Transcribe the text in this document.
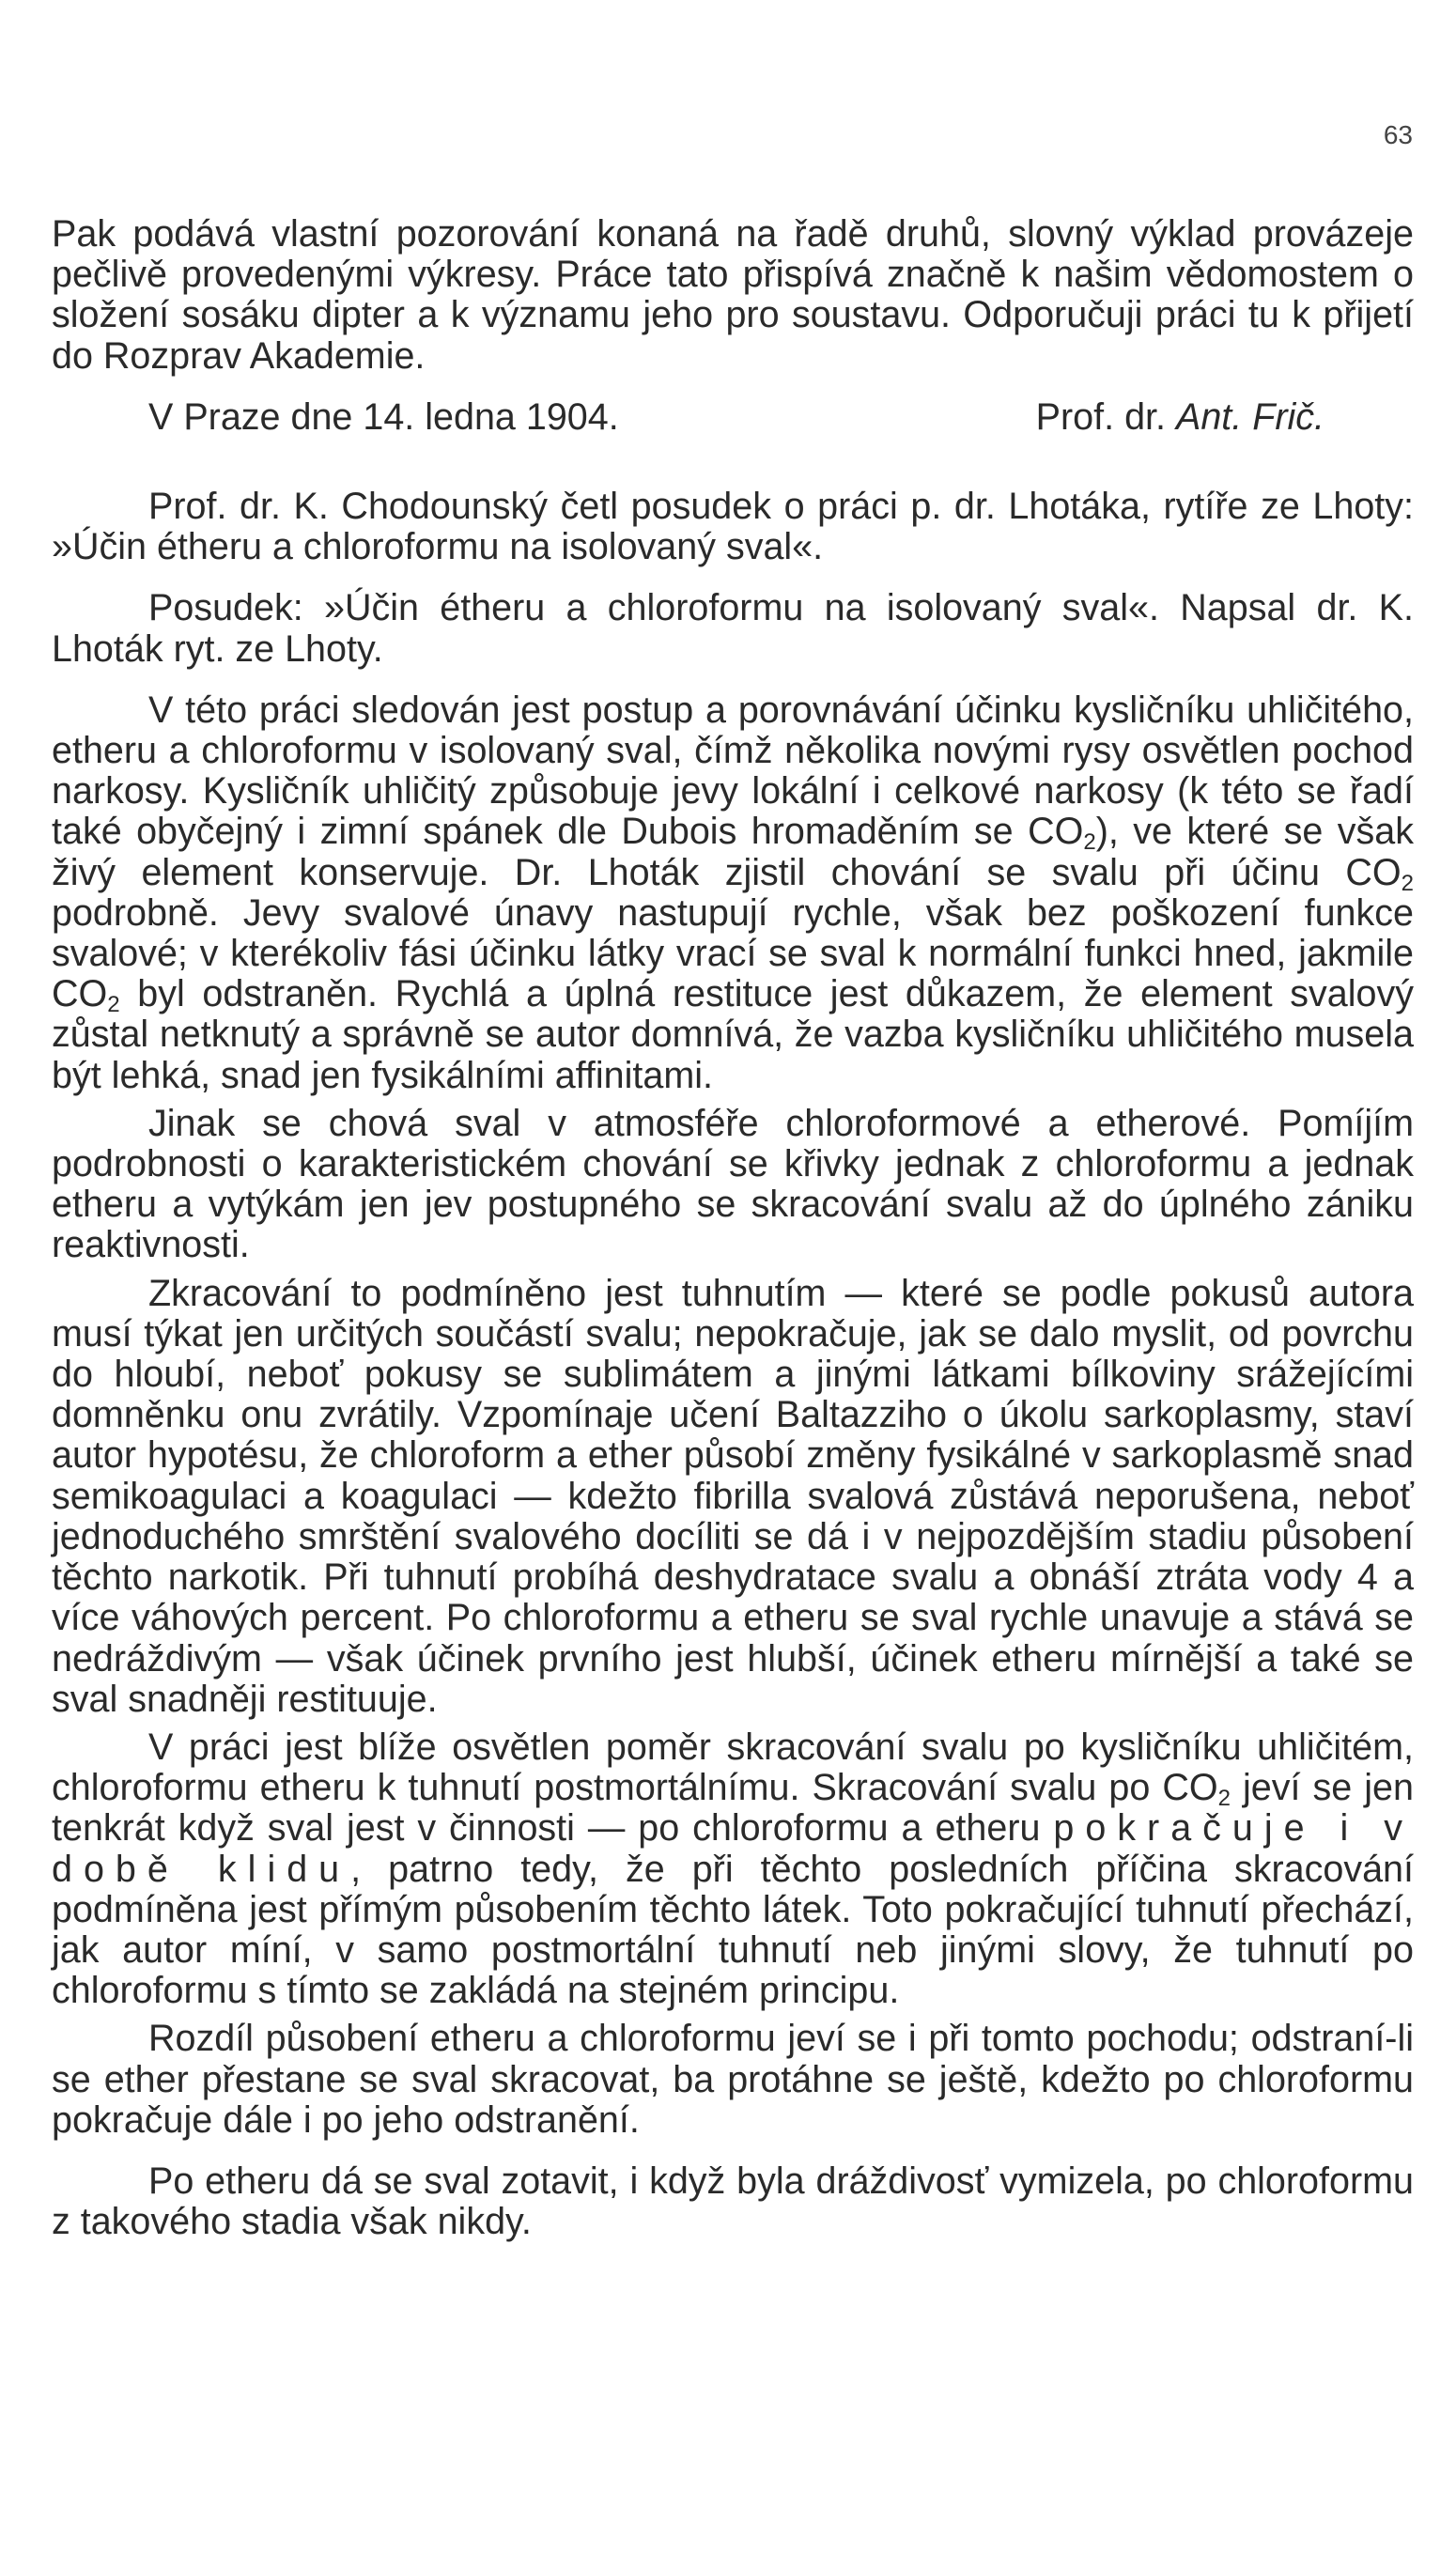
63

Pak podává vlastní pozorování konaná na řadě druhů, slovný výklad provázeje pečlivě provedenými výkresy. Práce tato přispívá značně k našim vědomostem o složení sosáku dipter a k významu jeho pro soustavu. Odporučuji práci tu k přijetí do Rozprav Akademie.

V Praze dne 14. ledna 1904.	Prof. dr. Ant. Frič.

Prof. dr. K. Chodounský četl posudek o práci p. dr. Lhotáka, rytíře ze Lhoty: »Účin étheru a chloroformu na isolovaný sval«.

Posudek: »Účin étheru a chloroformu na isolovaný sval«. Napsal dr. K. Lhoták ryt. ze Lhoty.

V této práci sledován jest postup a porovnávání účinku kysličníku uhličitého, etheru a chloroformu v isolovaný sval, čímž několika novými rysy osvětlen pochod narkosy. Kysličník uhličitý způsobuje jevy lokální i celkové narkosy (k této se řadí také obyčejný i zimní spánek dle Dubois hromaděním se $CO_2$), ve které se však živý element konservuje. Dr. Lhoták zjistil chování se svalu při účinu $CO_2$ podrobně. Jevy svalové únavy nastupují rychle, však bez poškození funkce svalové; v kterékoliv fási účinku látky vrací se sval k normální funkci hned, jakmile $CO_2$ byl odstraněn. Rychlá a úplná restituce jest důkazem, že element svalový zůstal netknutý a správně se autor domnívá, že vazba kysličníku uhličitého musela být lehká, snad jen fysikálními affinitami.

Jinak se chová sval v atmosféře chloroformové a etherové. Pomíjím podrobnosti o karakteristickém chování se křivky jednak z chloroformu a jednak etheru a vytýkám jen jev postupného se skracování svalu až do úplného zániku reaktivnosti.

Zkracování to podmíněno jest tuhnutím — které se podle pokusů autora musí týkat jen určitých součástí svalu; nepokračuje, jak se dalo myslit, od povrchu do hloubí, neboť pokusy se sublimátem a jinými látkami bílkoviny srážejícími domněnku onu zvrátily. Vzpomínaje učení Baltazziho o úkolu sarkoplasmy, staví autor hypotésu, že chloroform a ether působí změny fysikálné v sarkoplasmě snad semikoagulaci a koagulaci — kdežto fibrilla svalová zůstává neporušena, neboť jednoduchého smrštění svalového docíliti se dá i v nejpozdějším stadiu působení těchto narkotik. Při tuhnutí probíhá deshydratace svalu a obnáší ztráta vody 4 a více váhových percent. Po chloroformu a etheru se sval rychle unavuje a stává se nedráždivým — však účinek prvního jest hlubší, účinek etheru mírnější a také se sval snadněji restituuje.

V práci jest blíže osvětlen poměr skracování svalu po kysličníku uhličitém, chloroformu etheru k tuhnutí postmortálnímu. Skracování svalu po $CO_2$ jeví se jen tenkrát když sval jest v činnosti — po chloroformu a etheru pokračuje i v době klidu, patrno tedy, že při těchto posledních příčina skracování podmíněna jest přímým působením těchto látek. Toto pokračující tuhnutí přechází, jak autor míní, v samo postmortální tuhnutí neb jinými slovy, že tuhnutí po chloroformu s tímto se zakládá na stejném principu.

Rozdíl působení etheru a chloroformu jeví se i při tomto pochodu; odstraní-li se ether přestane se sval skracovat, ba protáhne se ještě, kdežto po chloroformu pokračuje dále i po jeho odstranění.

Po etheru dá se sval zotavit, i když byla dráždivosť vymizela, po chloroformu z takového stadia však nikdy.
